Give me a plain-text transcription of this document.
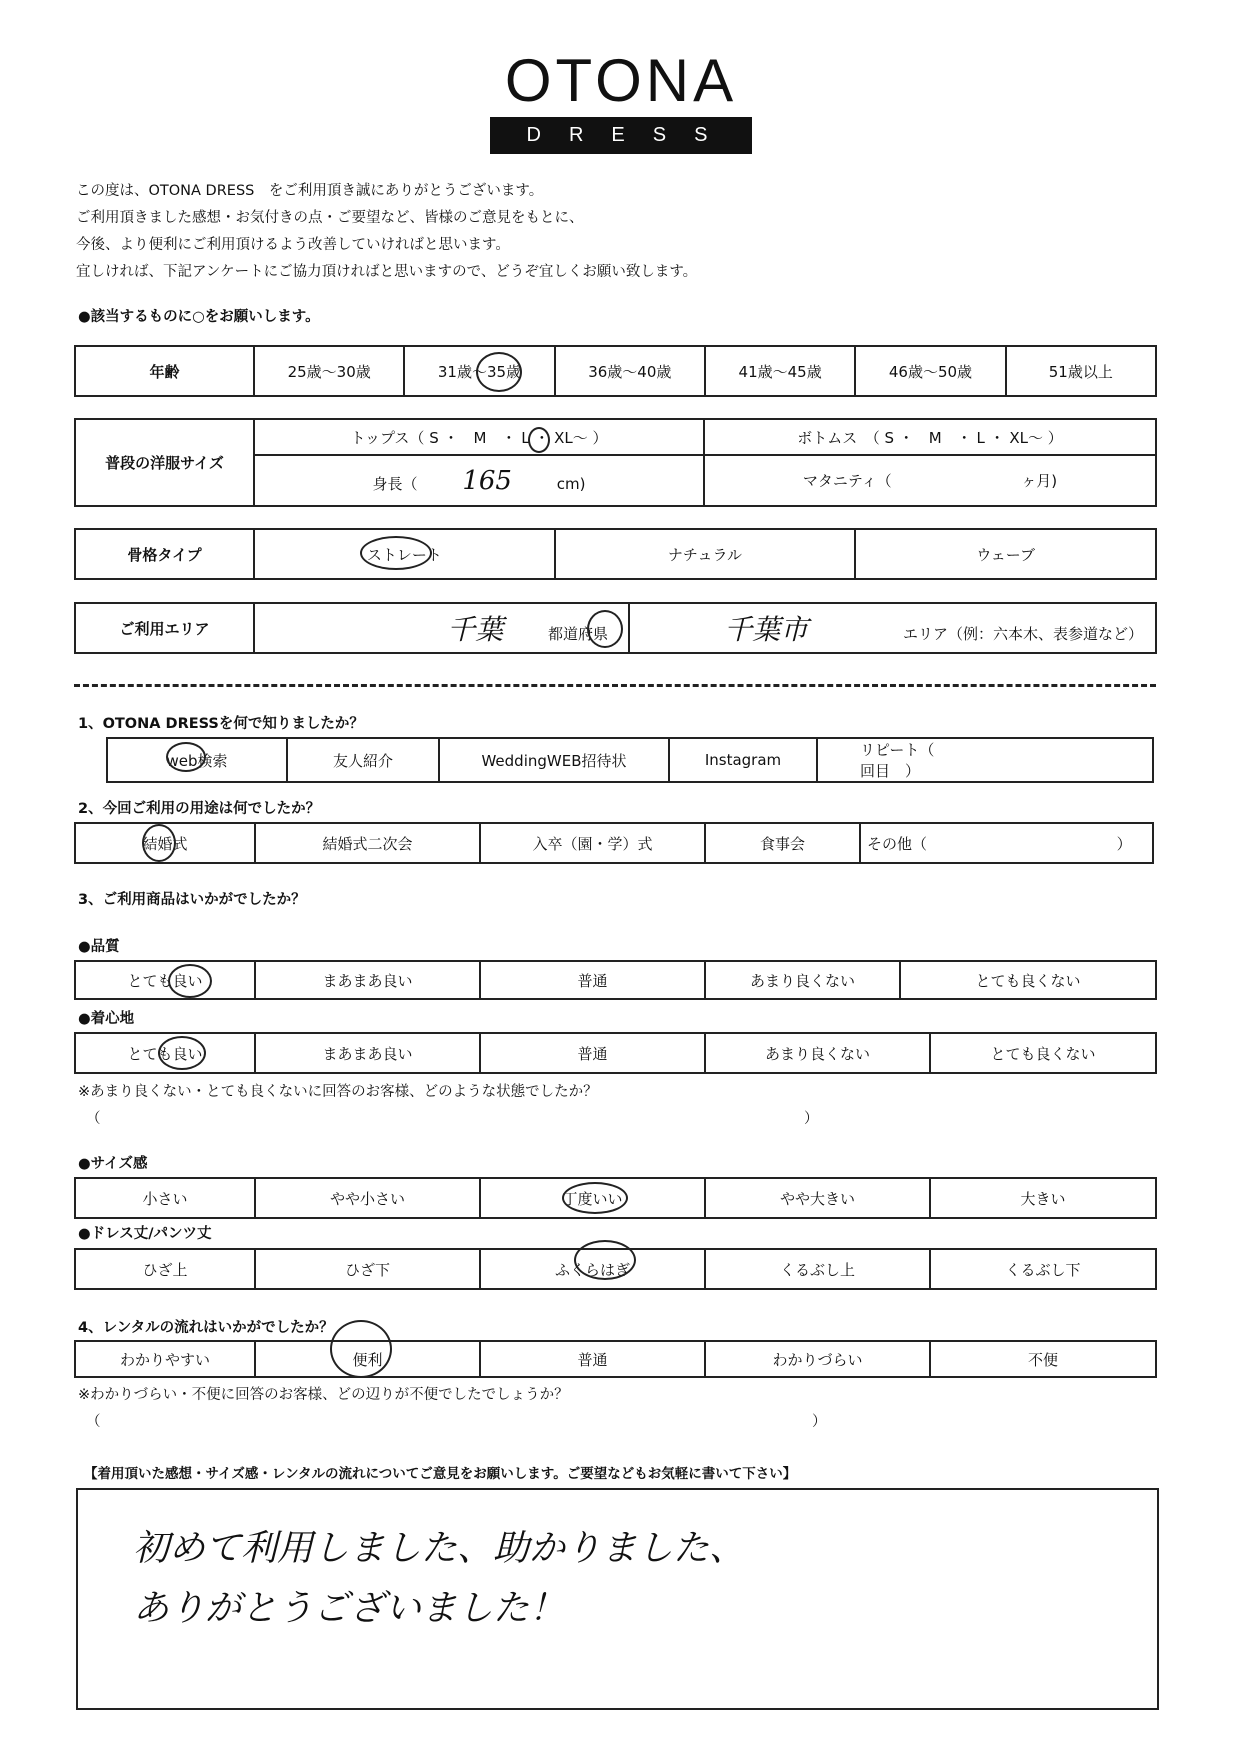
OTONA
DRESS
この度は、OTONA DRESS　をご利用頂き誠にありがとうございます。
ご利用頂きました感想・お気付きの点・ご要望など、皆様のご意見をもとに、
今後、より便利にご利用頂けるよう改善していければと思います。
宜しければ、下記アンケートにご協力頂ければと思いますので、どうぞ宜しくお願い致します。
●該当するものに○をお願いします。
年齢	25歳～30歳	31歳～35歳	36歳～40歳	41歳～45歳	46歳～50歳	51歳以上
普段の洋服サイズ	トップス（ S ・　M　・ L ・ XL～ ）	ボトムス　（ S ・　M　・ L ・ XL～ ）
	身長（ 165 cm)	マタニティ（ ヶ月)
骨格タイプ	ストレート	ナチュラル	ウェーブ
ご利用エリア	千葉	都道府県	千葉市	エリア（例：六本木、表参道など）
1、OTONA DRESSを何で知りましたか？
web検索	友人紹介	WeddingWEB招待状	Instagram	リピート（  回目　）
2、今回ご利用の用途は何でしたか？
結婚式	結婚式二次会	入卒（園・学）式	食事会	その他（	）
3、ご利用商品はいかがでしたか？
●品質
とても良い	まあまあ良い	普通	あまり良くない	とても良くない
●着心地
とても良い	まあまあ良い	普通	あまり良くない	とても良くない
※あまり良くない・とても良くないに回答のお客様、どのような状態でしたか？
（	）
●サイズ感
小さい	やや小さい	丁度いい	やや大きい	大きい
●ドレス丈/パンツ丈
ひざ上	ひざ下	ふくらはぎ	くるぶし上	くるぶし下
4、レンタルの流れはいかがでしたか？
わかりやすい	便利	普通	わかりづらい	不便
※わかりづらい・不便に回答のお客様、どの辺りが不便でしたでしょうか？
（	）
【着用頂いた感想・サイズ感・レンタルの流れについてご意見をお願いします。ご要望などもお気軽に書いて下さい】
初めて利用しました、助かりました、
ありがとうございました！
